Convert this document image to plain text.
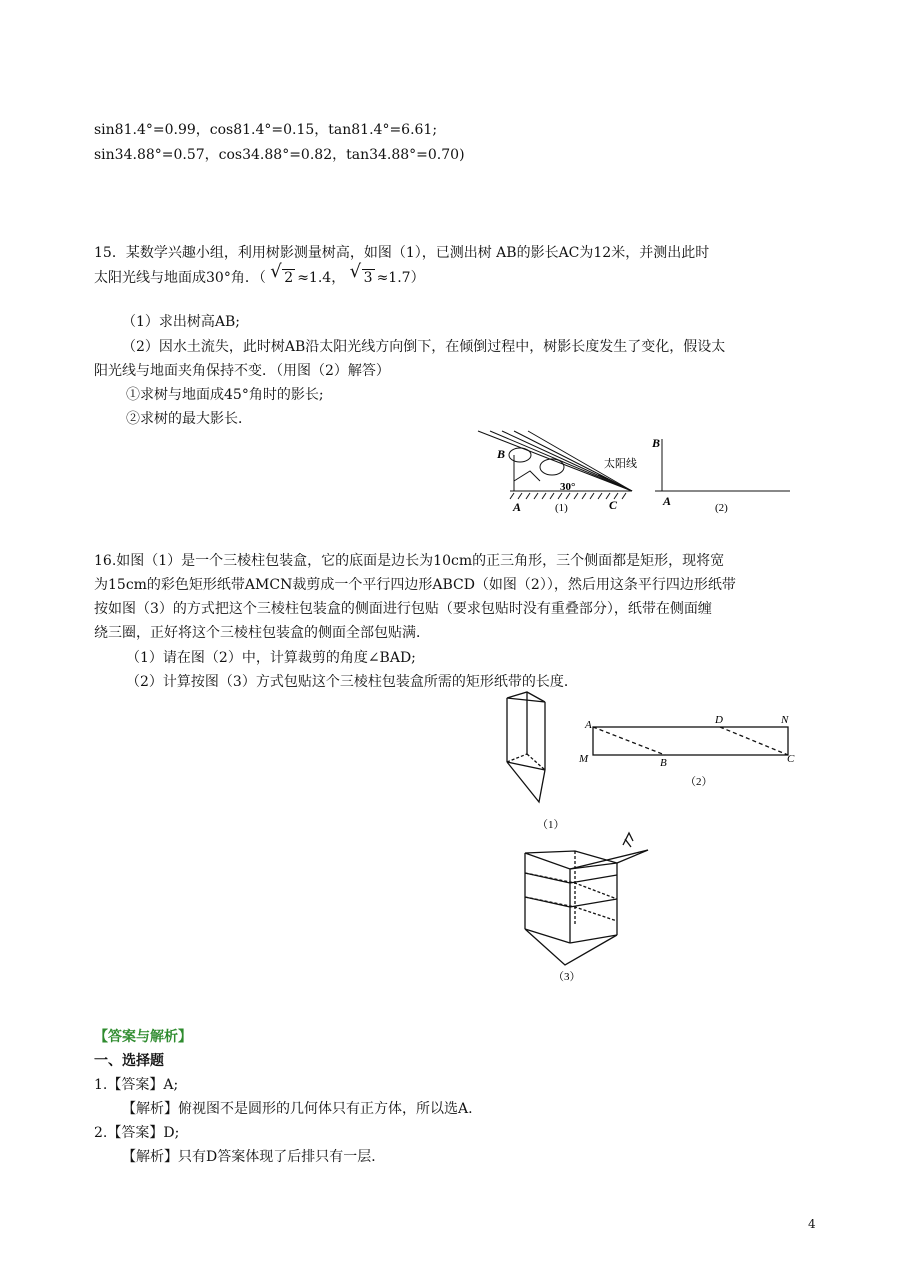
sin81.4°=0.99，cos81.4°=0.15，tan81.4°=6.61;
sin34.88°=0.57，cos34.88°=0.82，tan34.88°=0.70)
15．某数学兴趣小组，利用树影测量树高，如图（1），已测出树 AB的影长AC为12米，并测出此时
太阳光线与地面成30°角．（ √ 2 ≈1.4， √ 3 ≈1.7）
（1）求出树高AB;
（2）因水土流失，此时树AB沿太阳光线方向倒下，在倾倒过程中，树影长度发生了变化，假设太
阳光线与地面夹角保持不变．（用图（2）解答）
①求树与地面成45°角时的影长;
②求树的最大影长．
B
A	C
30°
太阳线
(1)
B
A	(2)
16.如图（1）是一个三棱柱包装盒，它的底面是边长为10cm的正三角形，三个侧面都是矩形，现将宽
为15cm的彩色矩形纸带AMCN裁剪成一个平行四边形ABCD（如图（2）），然后用这条平行四边形纸带
按如图（3）的方式把这个三棱柱包装盒的侧面进行包贴（要求包贴时没有重叠部分），纸带在侧面缠
绕三圈，正好将这个三棱柱包装盒的侧面全部包贴满．
（1）请在图（2）中，计算裁剪的角度∠BAD;
（2）计算按图（3）方式包贴这个三棱柱包装盒所需的矩形纸带的长度．
（1）
A	D	N
M	B	C
（2）
（3）
【答案与解析】
一、选择题
1.【答案】A;
【解析】俯视图不是圆形的几何体只有正方体，所以选A.
2.【答案】D;
【解析】只有D答案体现了后排只有一层．
4
